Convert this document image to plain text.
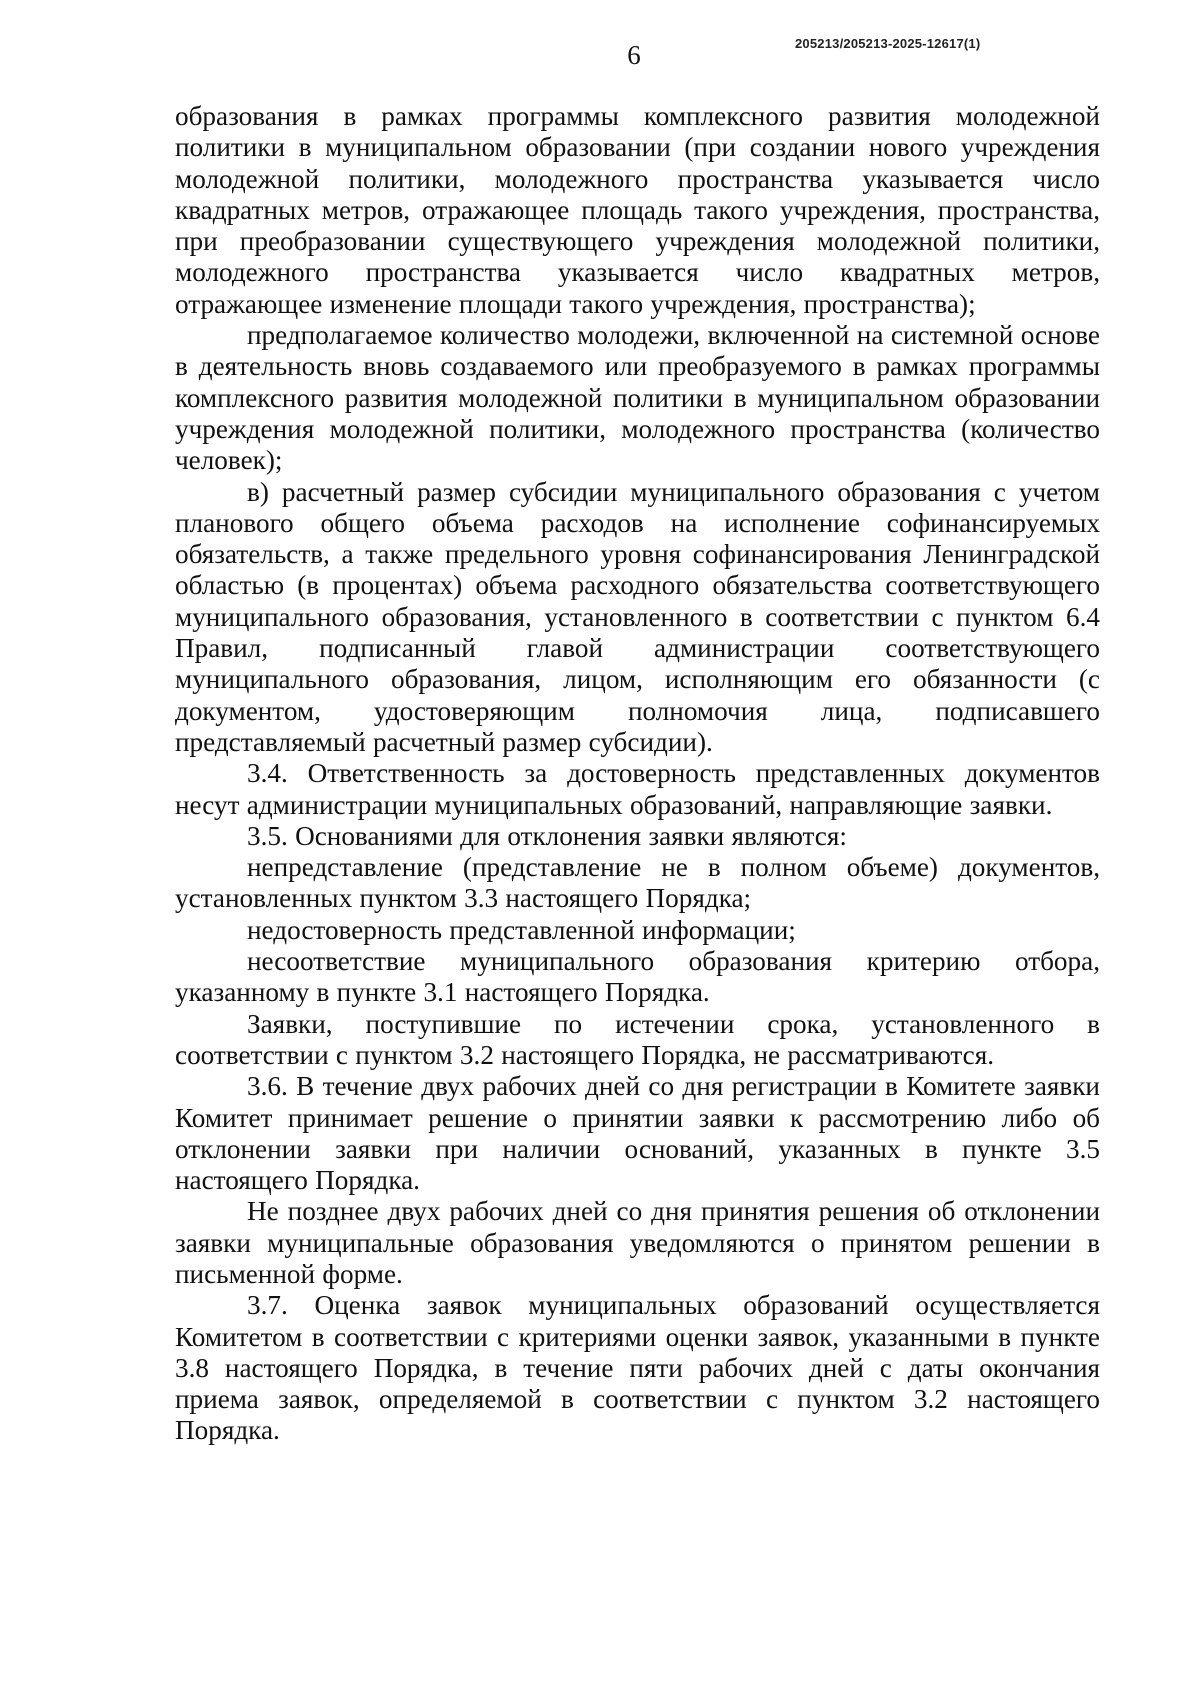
6	205213/205213-2025-12617(1)

образования в рамках программы комплексного развития молодежной политики в муниципальном образовании (при создании нового учреждения молодежной политики, молодежного пространства указывается число квадратных метров, отражающее площадь такого учреждения, пространства, при преобразовании существующего учреждения молодежной политики, молодежного пространства указывается число квадратных метров, отражающее изменение площади такого учреждения, пространства);

предполагаемое количество молодежи, включенной на системной основе в деятельность вновь создаваемого или преобразуемого в рамках программы комплексного развития молодежной политики в муниципальном образовании учреждения молодежной политики, молодежного пространства (количество человек);

в) расчетный размер субсидии муниципального образования с учетом планового общего объема расходов на исполнение софинансируемых обязательств, а также предельного уровня софинансирования Ленинградской областью (в процентах) объема расходного обязательства соответствующего муниципального образования, установленного в соответствии с пунктом 6.4 Правил, подписанный главой администрации соответствующего муниципального образования, лицом, исполняющим его обязанности (с документом, удостоверяющим полномочия лица, подписавшего представляемый расчетный размер субсидии).

3.4. Ответственность за достоверность представленных документов несут администрации муниципальных образований, направляющие заявки.

3.5. Основаниями для отклонения заявки являются:

непредставление (представление не в полном объеме) документов, установленных пунктом 3.3 настоящего Порядка;

недостоверность представленной информации;

несоответствие муниципального образования критерию отбора, указанному в пункте 3.1 настоящего Порядка.

Заявки, поступившие по истечении срока, установленного в соответствии с пунктом 3.2 настоящего Порядка, не рассматриваются.

3.6. В течение двух рабочих дней со дня регистрации в Комитете заявки Комитет принимает решение о принятии заявки к рассмотрению либо об отклонении заявки при наличии оснований, указанных в пункте 3.5 настоящего Порядка.

Не позднее двух рабочих дней со дня принятия решения об отклонении заявки муниципальные образования уведомляются о принятом решении в письменной форме.

3.7. Оценка заявок муниципальных образований осуществляется Комитетом в соответствии с критериями оценки заявок, указанными в пункте 3.8 настоящего Порядка, в течение пяти рабочих дней с даты окончания приема заявок, определяемой в соответствии с пунктом 3.2 настоящего Порядка.
